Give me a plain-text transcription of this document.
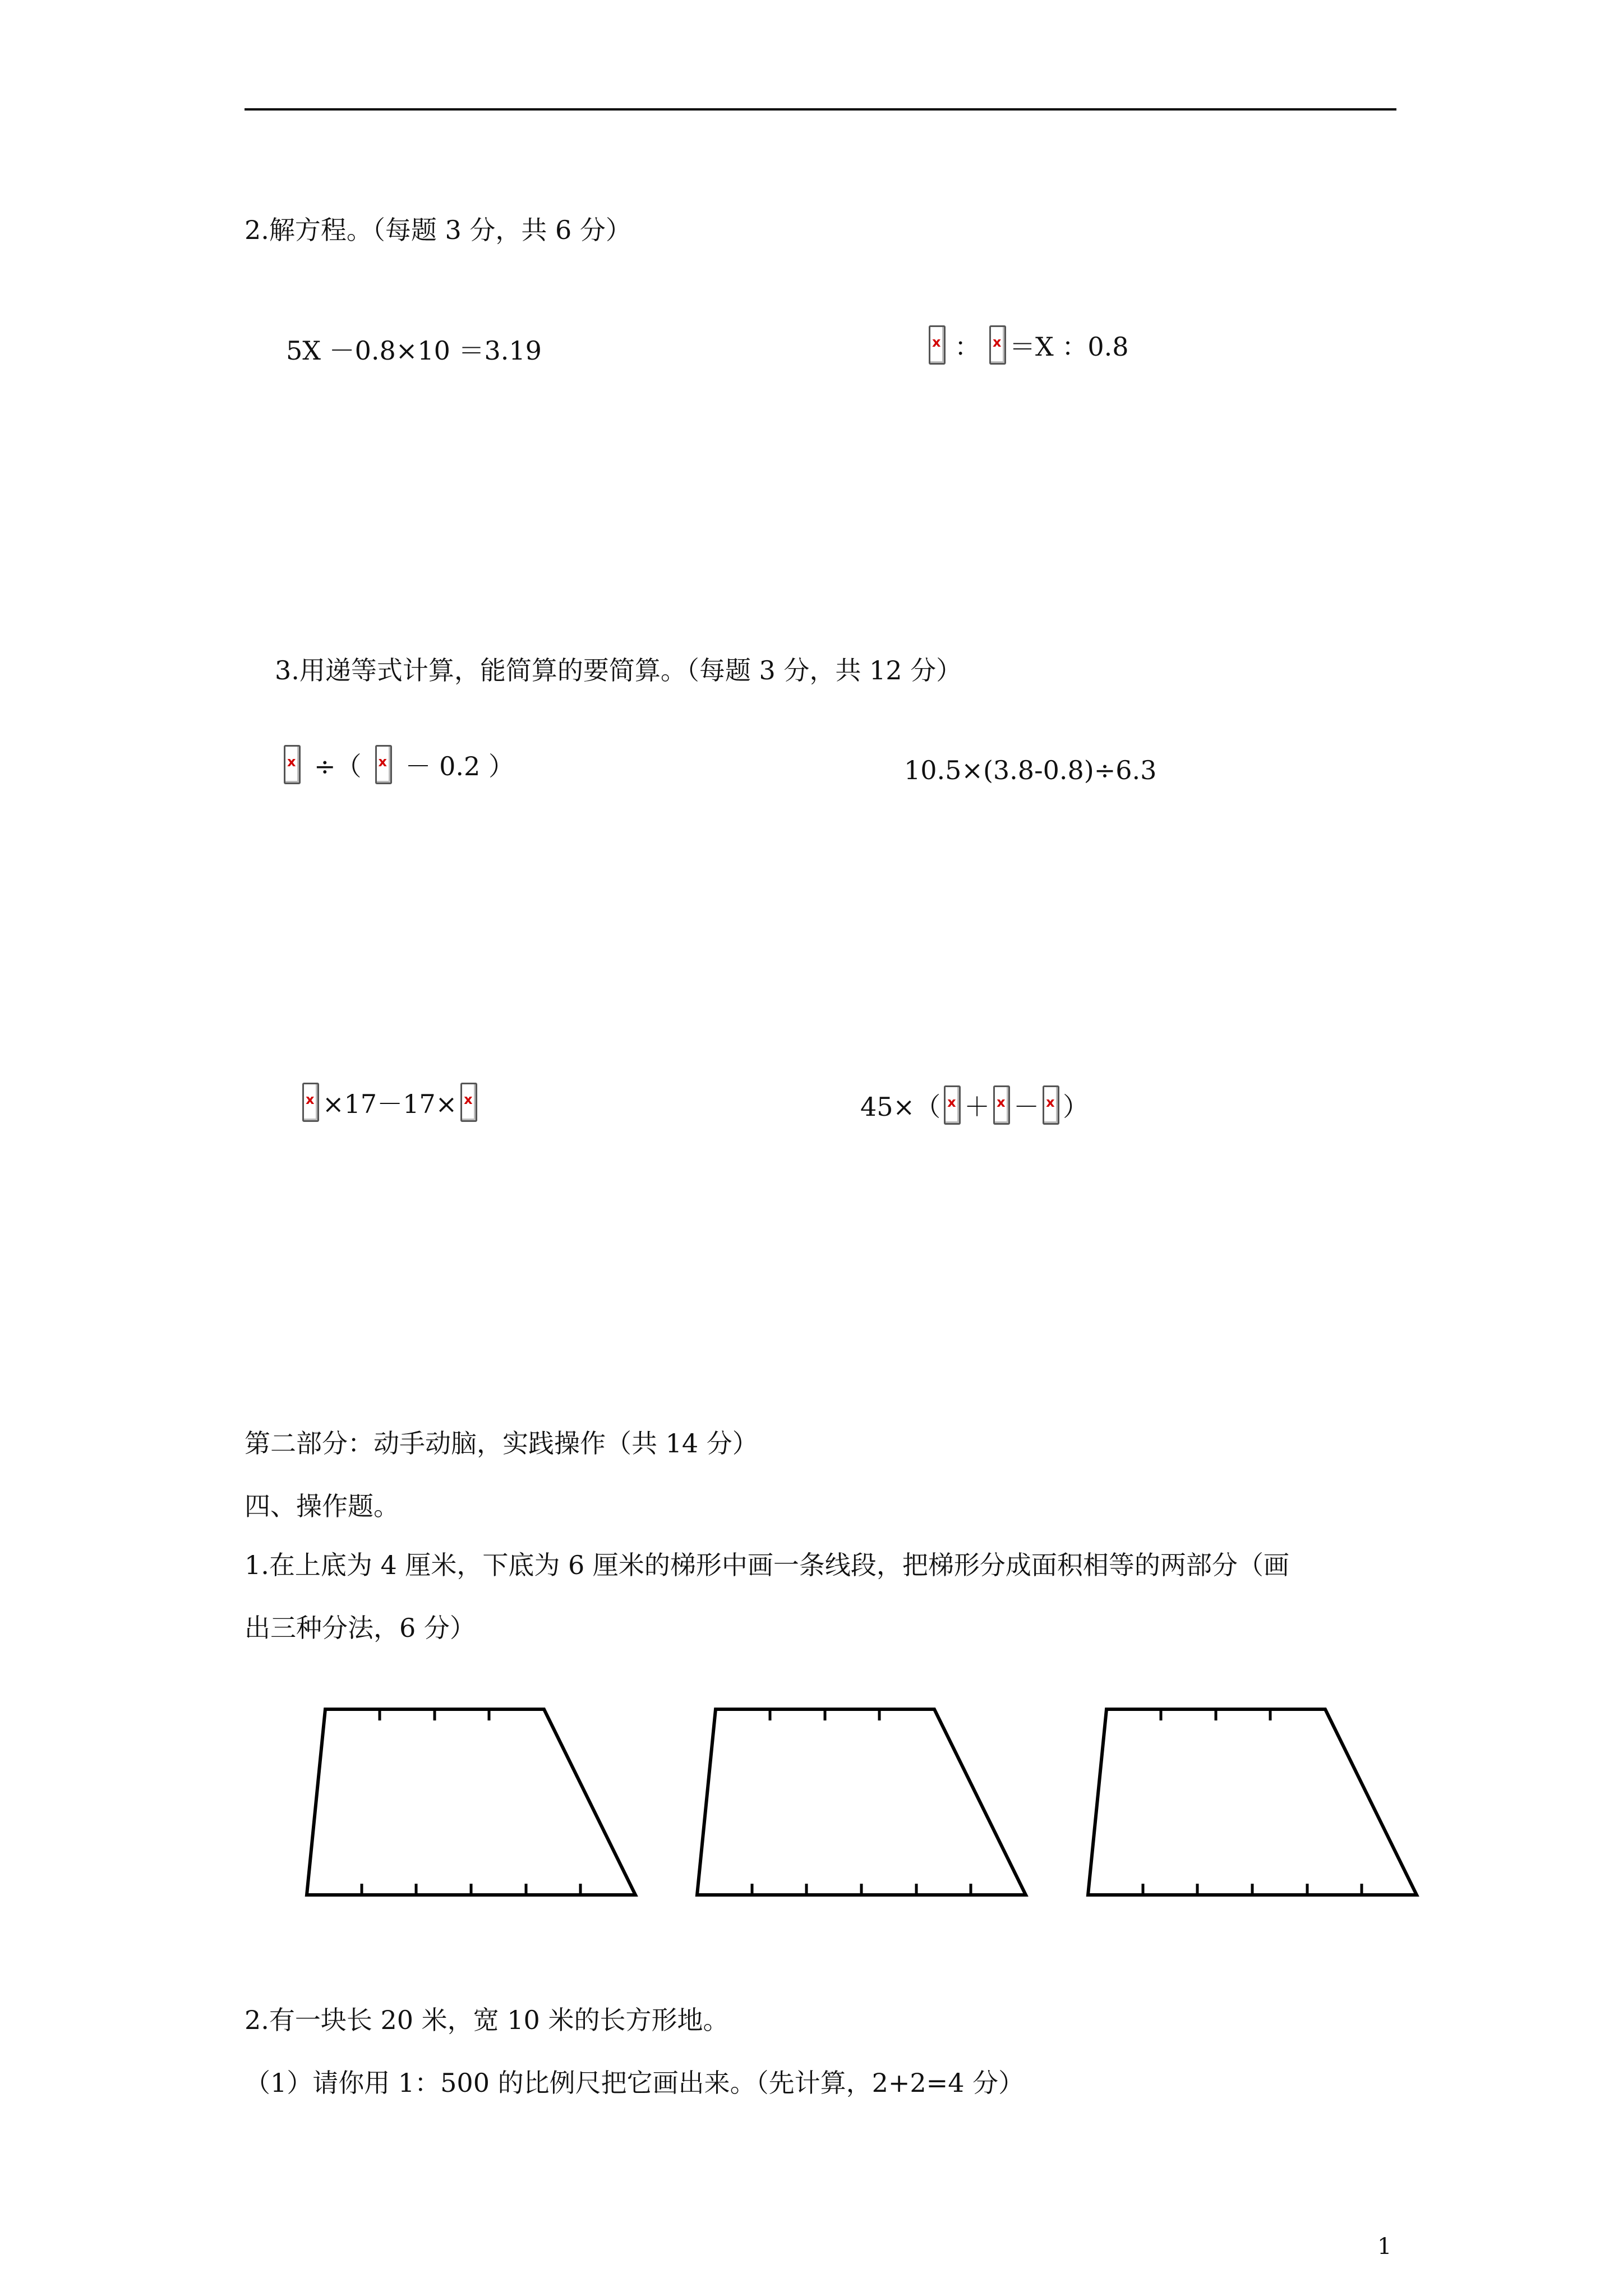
2.解方程。（每题 3 分，共 6 分）
5X －0.8×10 ＝3.19 x	： x ＝X ：0.8
3.用递等式计算，能简算的要简算。（每题 3 分，共 12 分）
x
÷（ x － 0.2 ）	10.5×(3.8-0.8)÷6.3
x
×17－17× x	45×（ x ＋ x － x ）
第二部分：动手动脑，实践操作（共 14 分）
四、操作题。
1.在上底为 4 厘米，下底为 6 厘米的梯形中画一条线段，把梯形分成面积相等的两部分（画
出三种分法，6 分）
2.有一块长 20 米，宽 10 米的长方形地。
（1）请你用 1：500 的比例尺把它画出来。（先计算，2+2=4 分）
1
